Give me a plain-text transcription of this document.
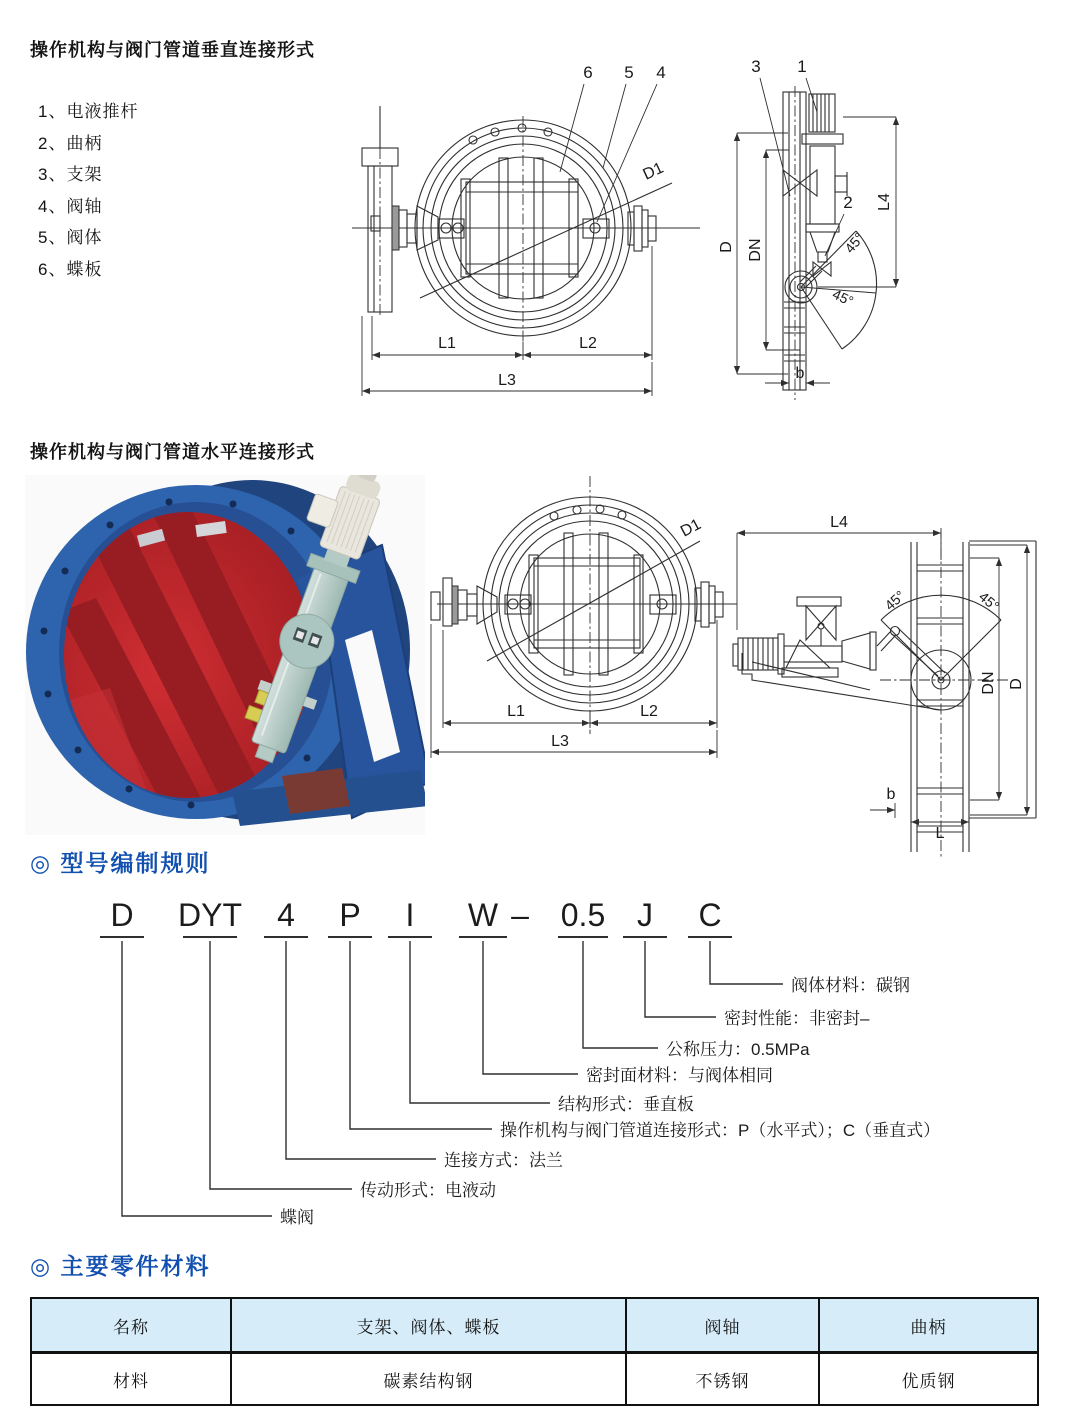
操作机构与阀门管道垂直连接形式
1、电液推杆
2、曲柄
3、支架
4、阀轴
5、阀体
6、蝶板
6 5 4
D1
L1	L2
L3
3 1
2
D DN
L4
45°
45°
b
操作机构与阀门管道水平连接形式
D1
L1	L2
L3
L4
45°	45°
DN D
b
L
◎ 型号编制规则
D DYT 4 P I W – 0.5 J C
蝶阀
传动形式：电液动
连接方式：法兰
操作机构与阀门管道连接形式：P（水平式）；C（垂直式）
结构形式：垂直板
密封面材料：与阀体相同
公称压力：0.5MPa
密封性能：非密封–
阀体材料：碳钢
◎ 主要零件材料
名称	支架、阀体、蝶板	阀轴	曲柄
材料	碳素结构钢	不锈钢	优质钢
